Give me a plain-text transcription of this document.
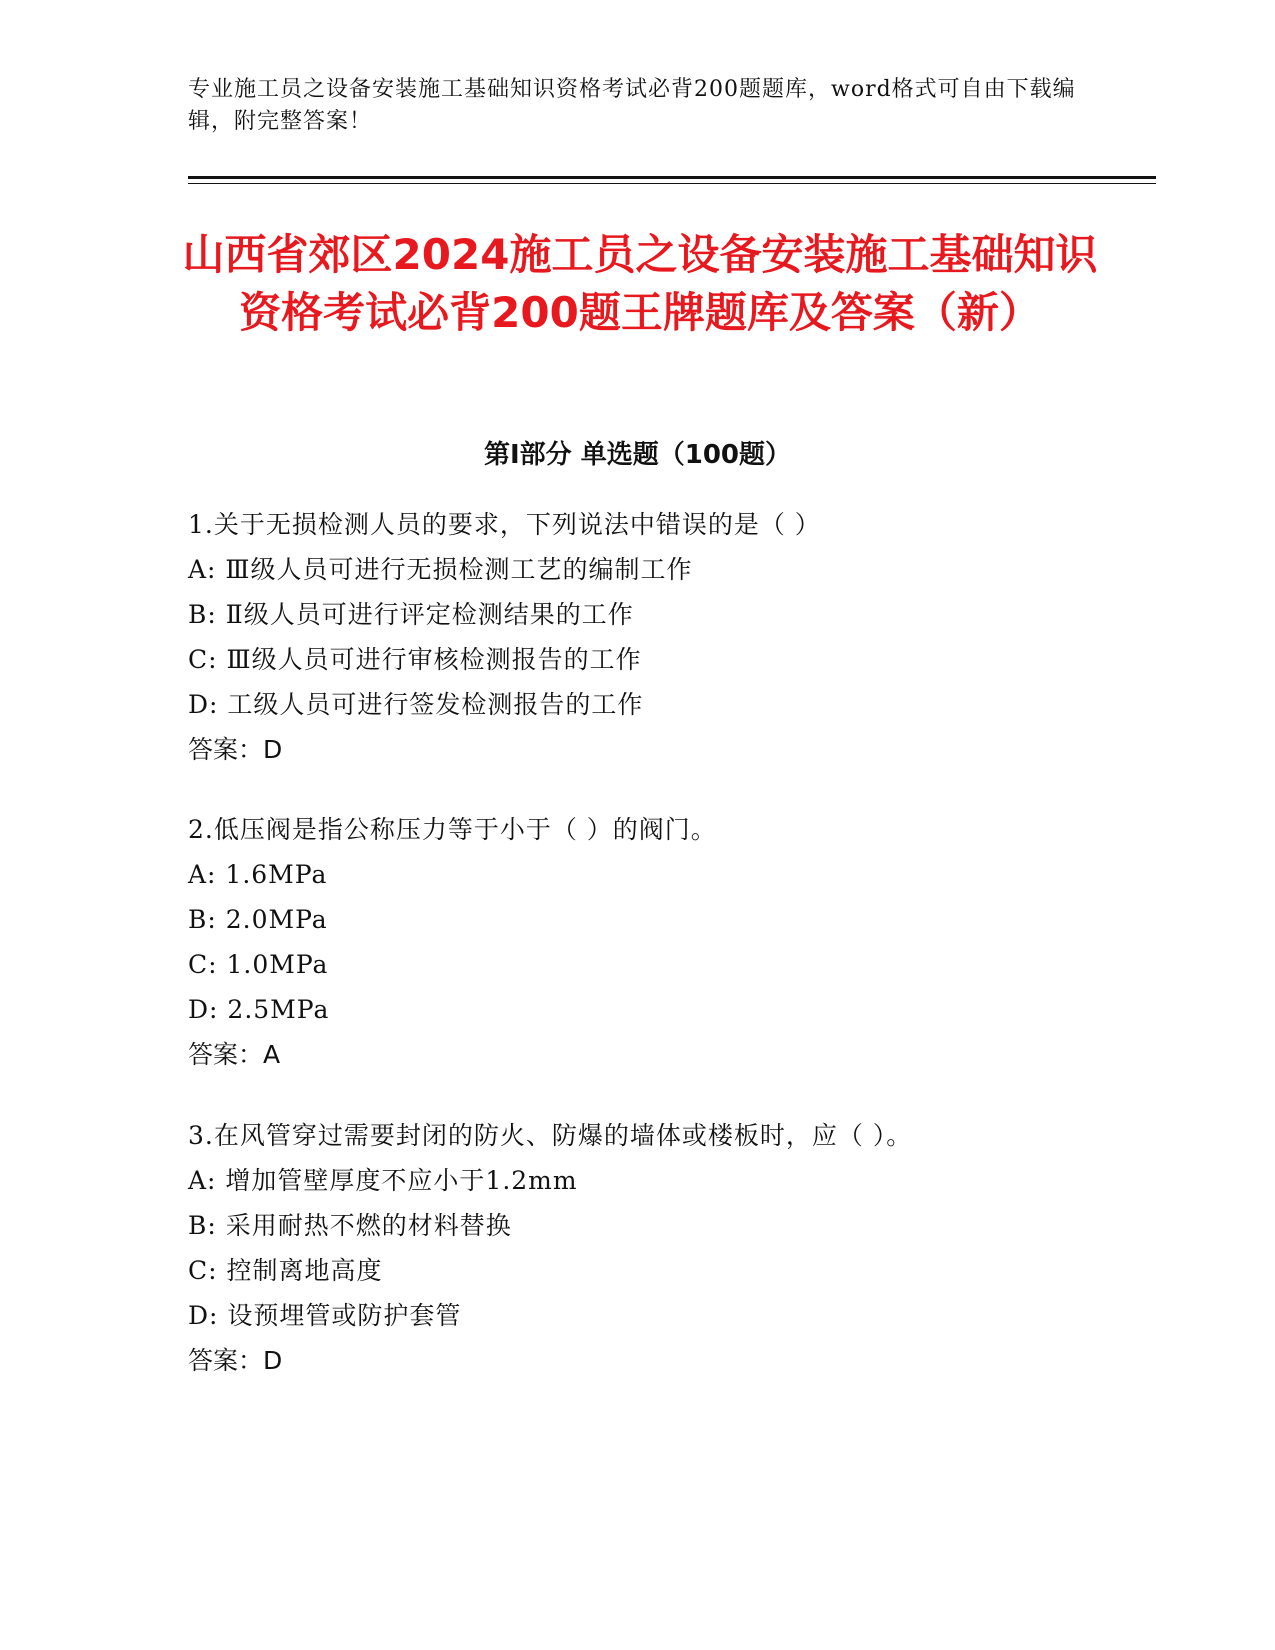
专业施工员之设备安装施工基础知识资格考试必背200题题库，word格式可自由下载编辑，附完整答案！
山西省郊区2024施工员之设备安装施工基础知识资格考试必背200题王牌题库及答案（新）
第Ⅰ部分 单选题（100题）
1.关于无损检测人员的要求，下列说法中错误的是（ ）
A: Ⅲ级人员可进行无损检测工艺的编制工作
B: Ⅱ级人员可进行评定检测结果的工作
C: Ⅲ级人员可进行审核检测报告的工作
D: 工级人员可进行签发检测报告的工作
答案：D
2.低压阀是指公称压力等于小于（ ）的阀门。
A: 1.6MPa
B: 2.0MPa
C: 1.0MPa
D: 2.5MPa
答案：A
3.在风管穿过需要封闭的防火、防爆的墙体或楼板时，应（ ）。
A: 增加管壁厚度不应小于1.2mm
B: 采用耐热不燃的材料替换
C: 控制离地高度
D: 设预埋管或防护套管
答案：D
